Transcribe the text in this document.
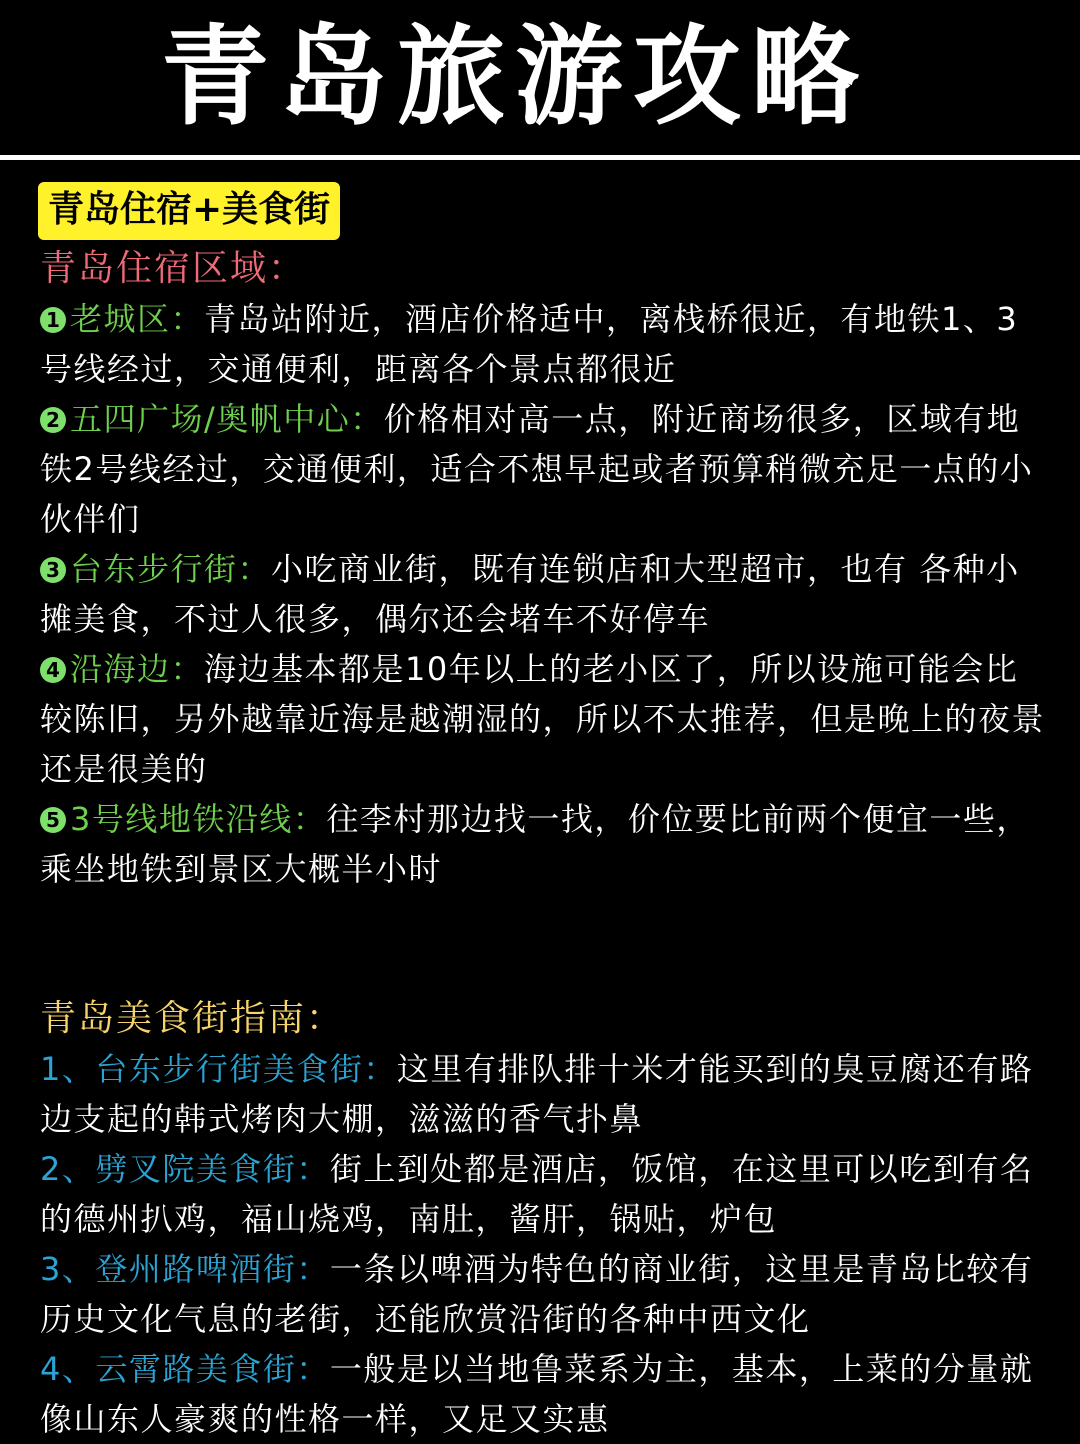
青岛旅游攻略
青岛住宿+美食街

青岛住宿区域：

1 老城区：青岛站附近，酒店价格适中，离栈桥很近，有地铁1、3号线经过，交通便利，距离各个景点都很近

2 五四广场/奥帆中心：价格相对高一点，附近商场很多，区域有地铁2号线经过，交通便利，适合不想早起或者预算稍微充足一点的小伙伴们

3 台东步行街：小吃商业街，既有连锁店和大型超市，也有 各种小摊美食，不过人很多，偶尔还会堵车不好停车

4 沿海边：海边基本都是10年以上的老小区了，所以设施可能会比较陈旧，另外越靠近海是越潮湿的，所以不太推荐，但是晚上的夜景还是很美的

5 3号线地铁沿线：往李村那边找一找，价位要比前两个便宜一些，乘坐地铁到景区大概半小时

青岛美食街指南：

1、台东步行街美食街：这里有排队排十米才能买到的臭豆腐还有路边支起的韩式烤肉大棚，滋滋的香气扑鼻

2、劈叉院美食街：街上到处都是酒店，饭馆，在这里可以吃到有名的德州扒鸡，福山烧鸡，南肚，酱肝，锅贴，炉包

3、登州路啤酒街：一条以啤酒为特色的商业街，这里是青岛比较有历史文化气息的老街，还能欣赏沿街的各种中西文化

4、云霄路美食街：一般是以当地鲁菜系为主，基本，上菜的分量就像山东人豪爽的性格一样，又足又实惠
